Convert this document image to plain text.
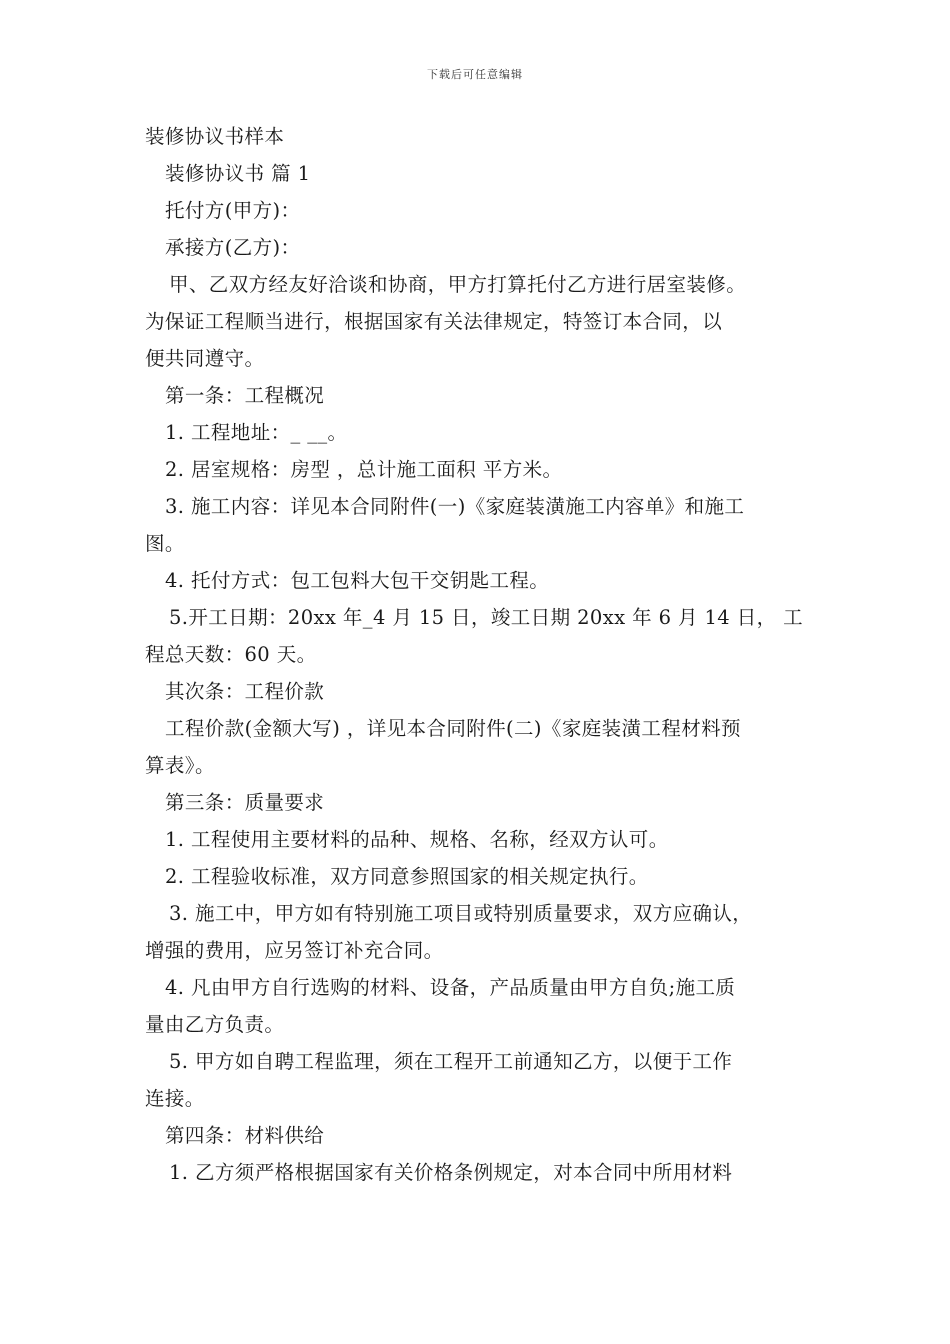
下载后可任意编辑
装修协议书样本
装修协议书 篇 1
托付方(甲方)：
承接方(乙方)：
甲、乙双方经友好洽谈和协商，甲方打算托付乙方进行居室装修。
为保证工程顺当进行，根据国家有关法律规定，特签订本合同，以
便共同遵守。
第一条：工程概况
1. 工程地址：_ __。
2. 居室规格：房型 ，总计施工面积 平方米。
3. 施工内容：详见本合同附件(一)《家庭装潢施工内容单》和施工
图。
4. 托付方式：包工包料大包干交钥匙工程。
5.开工日期：20xx 年_4 月 15 日，竣工日期 20xx 年 6 月 14 日， 工
程总天数：60 天。
其次条：工程价款
工程价款(金额大写) ，详见本合同附件(二)《家庭装潢工程材料预
算表》。
第三条：质量要求
1. 工程使用主要材料的品种、规格、名称，经双方认可。
2. 工程验收标准，双方同意参照国家的相关规定执行。
3. 施工中，甲方如有特别施工项目或特别质量要求，双方应确认，
增强的费用，应另签订补充合同。
4. 凡由甲方自行选购的材料、设备，产品质量由甲方自负;施工质
量由乙方负责。
5. 甲方如自聘工程监理，须在工程开工前通知乙方，以便于工作
连接。
第四条：材料供给
1. 乙方须严格根据国家有关价格条例规定，对本合同中所用材料
